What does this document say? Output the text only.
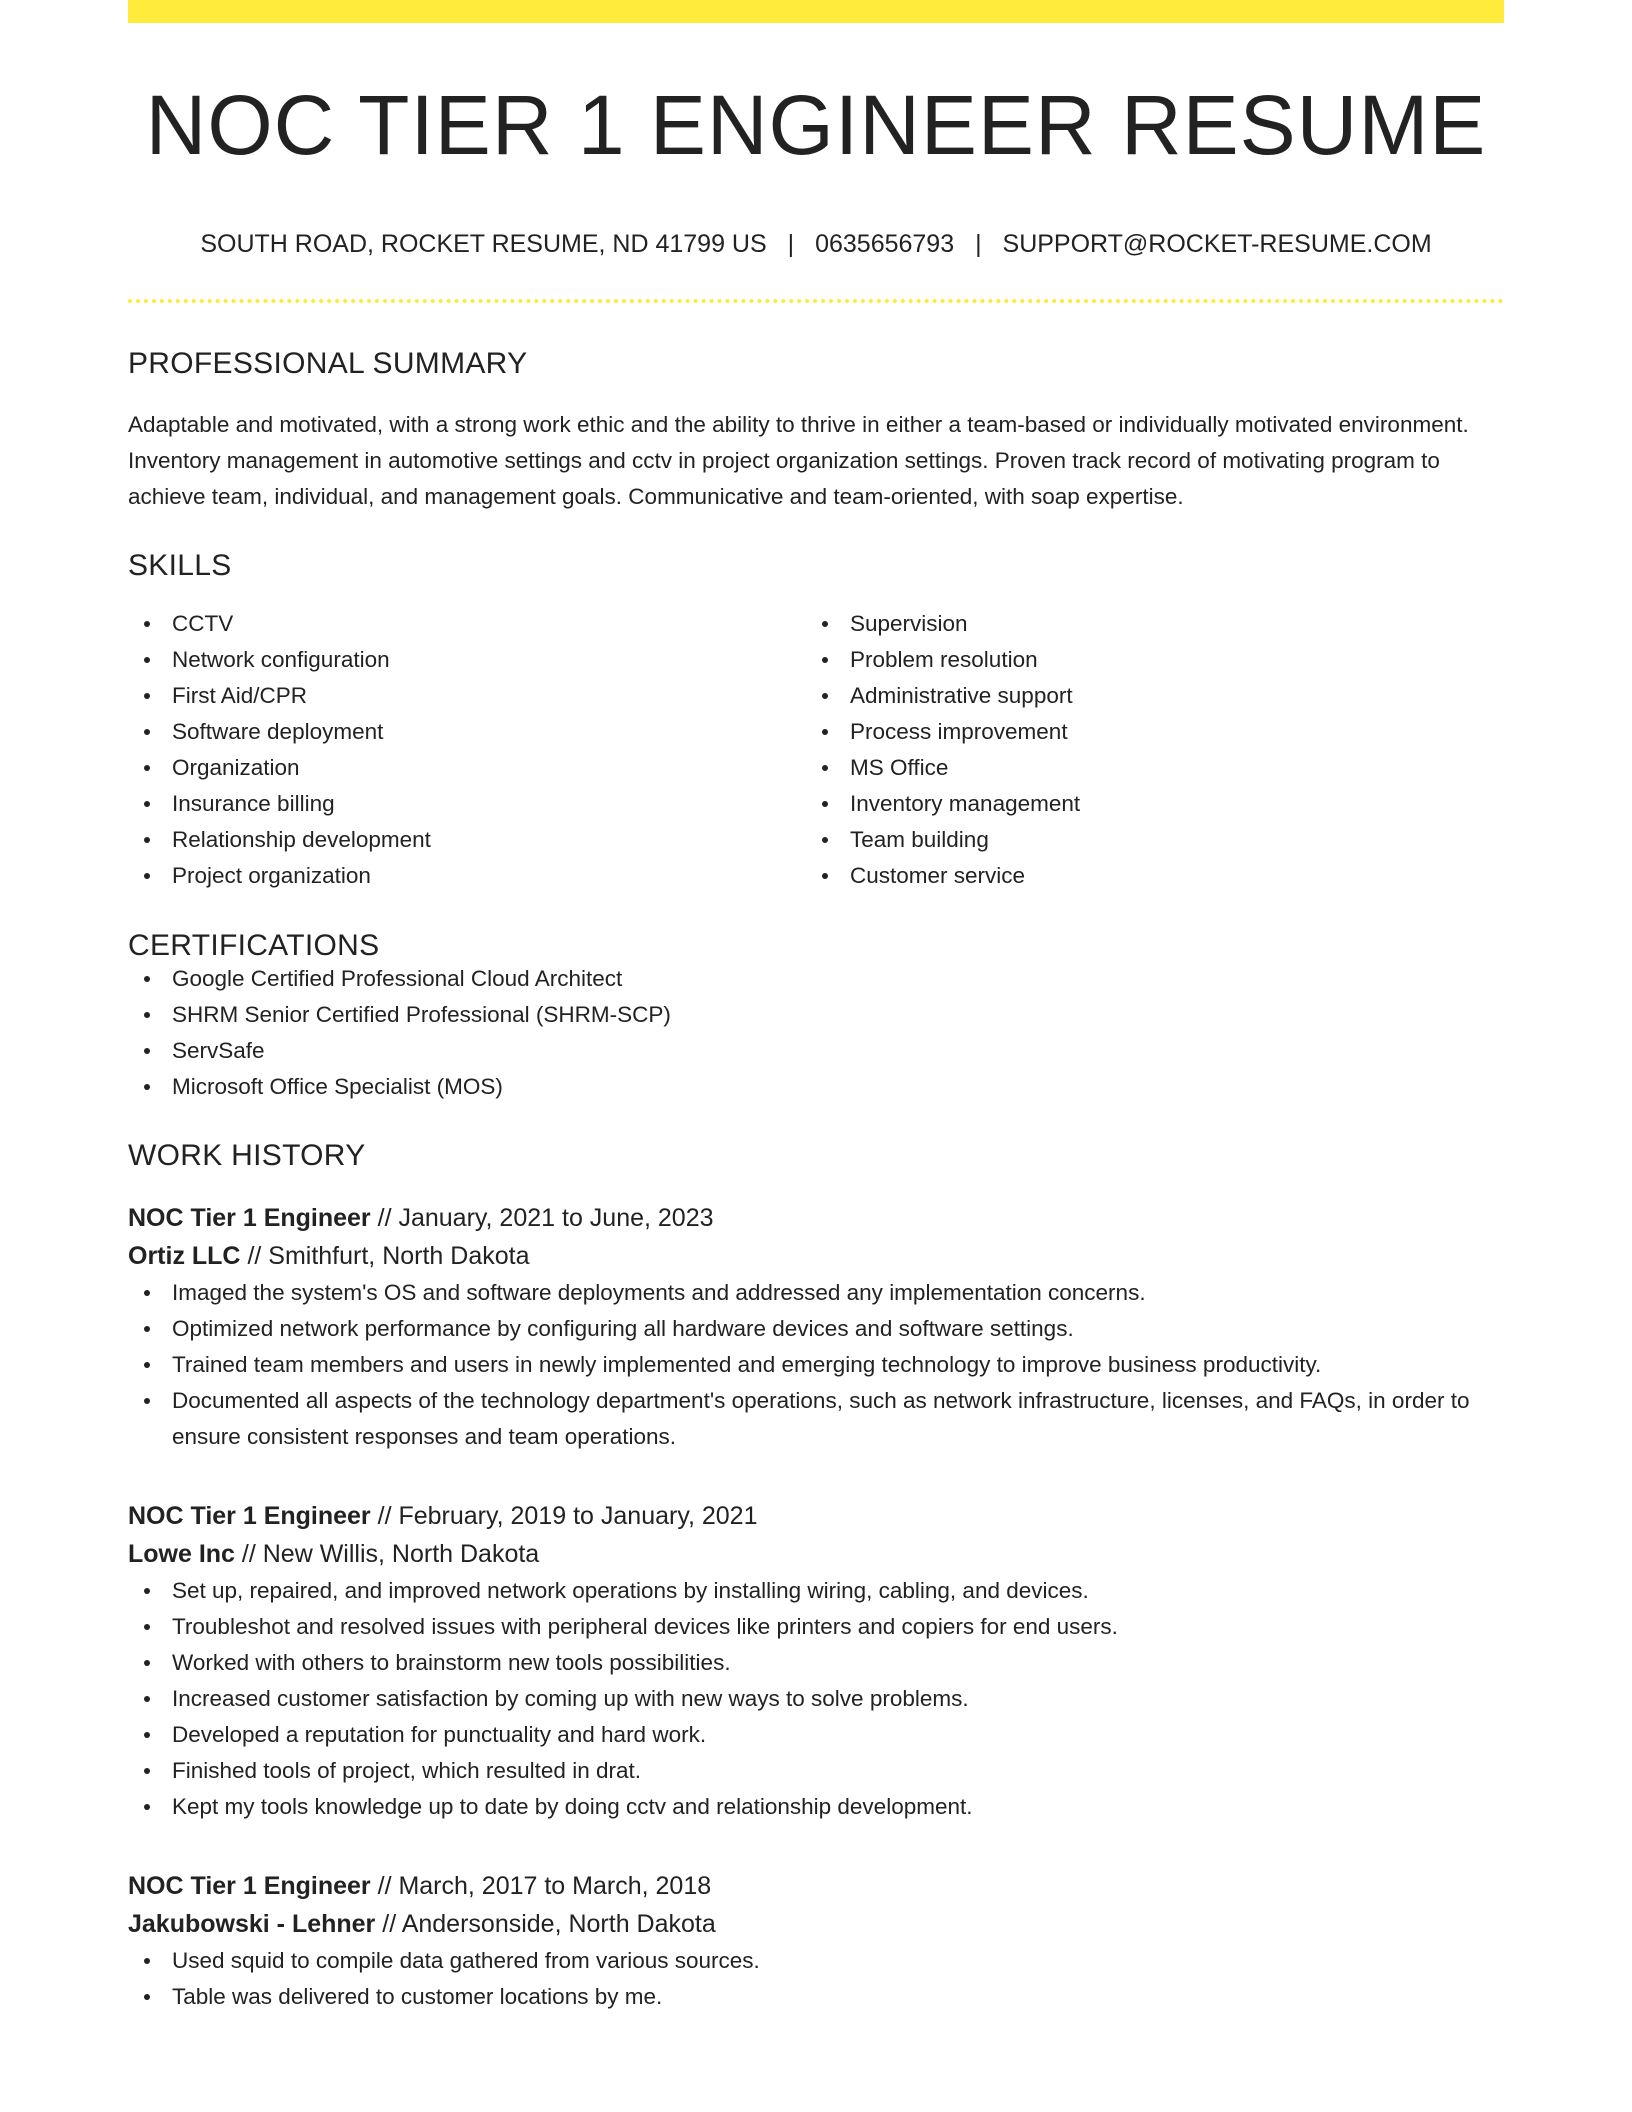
NOC TIER 1 ENGINEER RESUME
SOUTH ROAD, ROCKET RESUME, ND 41799 US | 0635656793 | SUPPORT@ROCKET-RESUME.COM
PROFESSIONAL SUMMARY

Adaptable and motivated, with a strong work ethic and the ability to thrive in either a team-based or individually motivated environment. Inventory management in automotive settings and cctv in project organization settings. Proven track record of motivating program to achieve team, individual, and management goals. Communicative and team-oriented, with soap expertise.

SKILLS
CCTV
Network configuration
First Aid/CPR
Software deployment
Organization
Insurance billing
Relationship development
Project organization
Supervision
Problem resolution
Administrative support
Process improvement
MS Office
Inventory management
Team building
Customer service
CERTIFICATIONS
Google Certified Professional Cloud Architect
SHRM Senior Certified Professional (SHRM-SCP)
ServSafe
Microsoft Office Specialist (MOS)
WORK HISTORY
NOC Tier 1 Engineer // January, 2021 to June, 2023
Ortiz LLC // Smithfurt, North Dakota
Imaged the system's OS and software deployments and addressed any implementation concerns.
Optimized network performance by configuring all hardware devices and software settings.
Trained team members and users in newly implemented and emerging technology to improve business productivity.
Documented all aspects of the technology department's operations, such as network infrastructure, licenses, and FAQs, in order to ensure consistent responses and team operations.
NOC Tier 1 Engineer // February, 2019 to January, 2021
Lowe Inc // New Willis, North Dakota
Set up, repaired, and improved network operations by installing wiring, cabling, and devices.
Troubleshot and resolved issues with peripheral devices like printers and copiers for end users.
Worked with others to brainstorm new tools possibilities.
Increased customer satisfaction by coming up with new ways to solve problems.
Developed a reputation for punctuality and hard work.
Finished tools of project, which resulted in drat.
Kept my tools knowledge up to date by doing cctv and relationship development.
NOC Tier 1 Engineer // March, 2017 to March, 2018
Jakubowski - Lehner // Andersonside, North Dakota
Used squid to compile data gathered from various sources.
Table was delivered to customer locations by me.
